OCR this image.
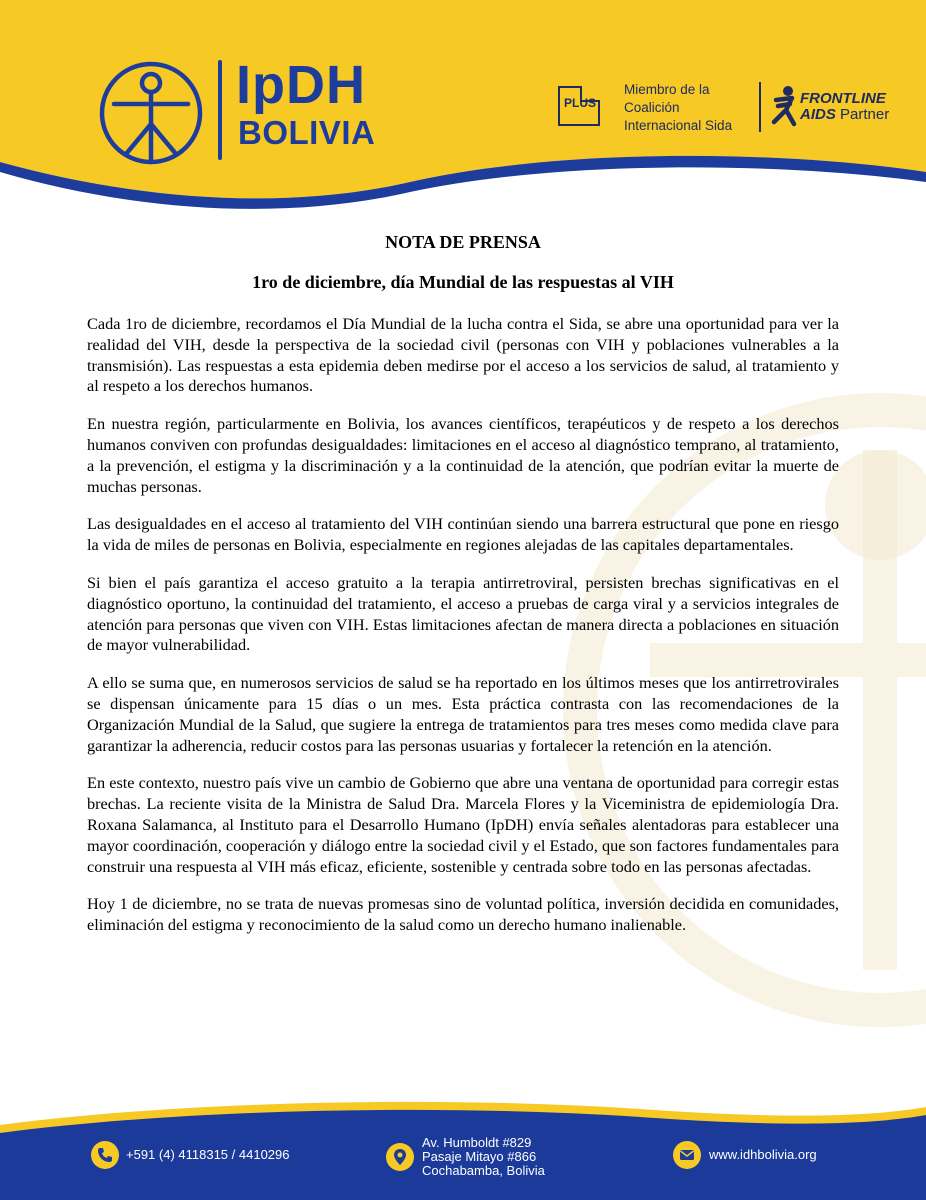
IpDH
BOLIVIA
PLUS
Miembro de la
Coalición
Internacional Sida
FRONTLINE
AIDS Partner
NOTA DE PRENSA
1ro de diciembre, día Mundial de las respuestas al VIH

Cada 1ro de diciembre, recordamos el Día Mundial de la lucha contra el Sida, se abre una oportunidad para ver la realidad del VIH, desde la perspectiva de la sociedad civil (personas con VIH y poblaciones vulnerables a la transmisión). Las respuestas a esta epidemia deben medirse por el acceso a los servicios de salud, al tratamiento y al respeto a los derechos humanos.

En nuestra región, particularmente en Bolivia, los avances científicos, terapéuticos y de respeto a los derechos humanos conviven con profundas desigualdades: limitaciones en el acceso al diagnóstico temprano, al tratamiento, a la prevención, el estigma y la discriminación y a la continuidad de la atención, que podrían evitar la muerte de muchas personas.

Las desigualdades en el acceso al tratamiento del VIH continúan siendo una barrera estructural que pone en riesgo la vida de miles de personas en Bolivia, especialmente en regiones alejadas de las capitales departamentales.

Si bien el país garantiza el acceso gratuito a la terapia antirretroviral, persisten brechas significativas en el diagnóstico oportuno, la continuidad del tratamiento, el acceso a pruebas de carga viral y a servicios integrales de atención para personas que viven con VIH. Estas limitaciones afectan de manera directa a poblaciones en situación de mayor vulnerabilidad.

A ello se suma que, en numerosos servicios de salud se ha reportado en los últimos meses que los antirretrovirales se dispensan únicamente para 15 días o un mes. Esta práctica contrasta con las recomendaciones de la Organización Mundial de la Salud, que sugiere la entrega de tratamientos para tres meses como medida clave para garantizar la adherencia, reducir costos para las personas usuarias y fortalecer la retención en la atención.

En este contexto, nuestro país vive un cambio de Gobierno que abre una ventana de oportunidad para corregir estas brechas. La reciente visita de la Ministra de Salud Dra. Marcela Flores y la Viceministra de epidemiología Dra. Roxana Salamanca, al Instituto para el Desarrollo Humano (IpDH) envía señales alentadoras para establecer una mayor coordinación, cooperación y diálogo entre la sociedad civil y el Estado, que son factores fundamentales para construir una respuesta al VIH más eficaz, eficiente, sostenible y centrada sobre todo en las personas afectadas.

Hoy 1 de diciembre, no se trata de nuevas promesas sino de voluntad política, inversión decidida en comunidades, eliminación del estigma y reconocimiento de la salud como un derecho humano inalienable.

+591 (4) 4118315 / 4410296
Av. Humboldt #829
Pasaje Mitayo #866
Cochabamba, Bolivia
www.idhbolivia.org
